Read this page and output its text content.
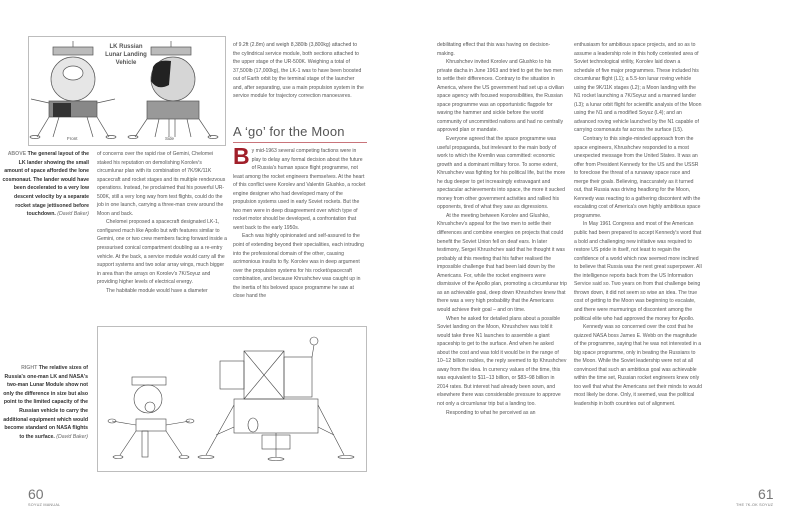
LK Russian
Lunar Landing
Vehicle
Front	Side
ABOVE The general layout of the LK lander showing the small amount of space afforded the lone cosmonaut. The lander would have been decelerated to a very low descent velocity by a separate rocket stage jettisoned before touchdown. (David Baker)

of concerns over the rapid rise of Gemini, Chelomei staked his reputation on demolishing Korolev's circumlunar plan with its combination of 7K/9K/11K spacecraft and rocket stages and its multiple rendezvous operations. Instead, he proclaimed that his powerful UR-500K, still a very long way from test flights, could do the job in one launch, carrying a three-man crew around the Moon and back.

Chelomei proposed a spacecraft designated LK-1, configured much like Apollo but with features similar to Gemini, one or two crew members facing forward inside a pressurised conical compartment doubling as a re-entry vehicle. At the back, a service module would carry all the support systems and two solar array wings, much bigger in area than the arrays on Korolev's 7K/Soyuz and providing higher levels of electrical energy.

The habitable module would have a diameter

of 9.2ft (2.8m) and weigh 8,380lb (3,800kg) attached to the cylindrical service module, both sections attached to the upper stage of the UR-500K. Weighing a total of 37,500lb (17,000kg), the LK-1 was to have been boosted out of Earth orbit by the terminal stage of the launcher and, after separating, use a main propulsion system in the service module for trajectory correction manoeuvres.

A ‘go’ for the Moon

By mid-1963 several competing factions were in play to delay any formal decision about the future of Russia's human space flight programme, not least among the rocket engineers themselves. At the heart of this conflict were Korolev and Valentin Glushko, a rocket engine designer who had developed many of the propulsion systems used in early Soviet rockets. But the two men were in deep disagreement over which type of rocket motor should be developed, a confrontation that went back to the early 1950s.

Each was highly opinionated and self-assured to the point of extending beyond their specialities, each intruding into the professional domain of the other, causing acrimonious insults to fly. Korolev was in deep argument over the propulsion systems for his rocket/spacecraft combination, and because Khrushchev was caught up in the inertia of his beloved space programme he saw at close hand the

RIGHT The relative sizes of Russia's one-man LK and NASA's two-man Lunar Module show not only the difference in size but also point to the limited capacity of the Russian vehicle to carry the additional equipment which would become standard on NASA flights to the surface. (David Baker)
60
SOYUZ MANUAL

debilitating effect that this was having on decision-making.

Khrushchev invited Korolev and Glushko to his private dacha in June 1963 and tried to get the two men to settle their differences. Contrary to the situation in America, where the US government had set up a civilian space agency with focused responsibilities, the Russian space programme was an opportunistic flagpole for waving the hammer and sickle before the world community of uncommitted nations and had no centrally approved plan or mandate.

Everyone agreed that the space programme was useful propaganda, but irrelevant to the main body of work to which the Kremlin was committed: economic growth and a dominant military force. To some extent, Khrushchev was fighting for his political life, but the more he dug deeper to get increasingly extravagant and spectacular achievements into space, the more it sucked money from other government activities and rallied his opponents, tired of what they saw as digressions.

At the meeting between Korolev and Glushko, Khrushchev's appeal for the two men to settle their differences and combine energies on projects that could benefit the Soviet Union fell on deaf ears. In later testimony, Sergei Khrushchev said that he thought it was probably at this meeting that his father realised the impossible challenge that had been laid down by the Americans. For, while the rocket engineers were dismissive of the Apollo plan, promoting a circumlunar trip as an achievable goal, deep down Khrushchev knew that there was a very high probability that the Americans would achieve their goal – and on time.

When he asked for detailed plans about a possible Soviet landing on the Moon, Khrushchev was told it would take three N1 launches to assemble a giant spaceship to get to the surface. And when he asked about the cost and was told it would be in the range of 10–12 billion roubles, the reply seemed to tip Khrushchev away from the idea. In currency values of the time, this was equivalent to $11–13 billion, or $83–98 billion in 2014 rates. But interest had already been sown, and elsewhere there was considerable pressure to approve not only a circumlunar trip but a landing too.

Responding to what he perceived as an

enthusiasm for ambitious space projects, and so as to assume a leadership role in this hotly contested area of Soviet technological virility, Korolev laid down a schedule of five major programmes. These included his circumlunar flight (L1); a 5.5-ton lunar roving vehicle using the 9K/11K stages (L2); a Moon landing with the N1 rocket launching a 7K/Soyuz and a manned lander (L3); a lunar orbit flight for scientific analysis of the Moon using the N1 and a modified Soyuz (L4); and an advanced roving vehicle launched by the N1 capable of carrying cosmonauts far across the surface (L5).

Contrary to this single-minded approach from the space engineers, Khrushchev responded to a most unexpected message from the United States. It was an offer from President Kennedy for the US and the USSR to foreclose the threat of a runaway space race and merge their goals. Believing, inaccurately as it turned out, that Russia was driving headlong for the Moon, Kennedy was reacting to a gathering discontent with the escalating cost of America's own highly ambitious space programme.

In May 1961 Congress and most of the American public had been prepared to accept Kennedy's word that a bold and challenging new initiative was required to restore US pride in itself, not least to regain the confidence of a world which now seemed more inclined to believe that Russia was the next great superpower. All the intelligence reports back from the US Information Service said so. Two years on from that challenge being thrown down, it did not seem so wise an idea. The true cost of getting to the Moon was beginning to escalate, and there were murmurings of discontent among the political elite who had approved the money for Apollo.

Kennedy was so concerned over the cost that he quizzed NASA boss James E. Webb on the magnitude of the programme, saying that he was not interested in a big space programme, only in beating the Russians to the Moon. While the Soviet leadership were not at all convinced that such an ambitious goal was achievable within the time set, Russian rocket engineers knew only too well that what the Americans set their minds to would most likely be done. Only, it seemed, was the political leadership in both countries out of alignment.

61
THE 7K-OK SOYUZ
